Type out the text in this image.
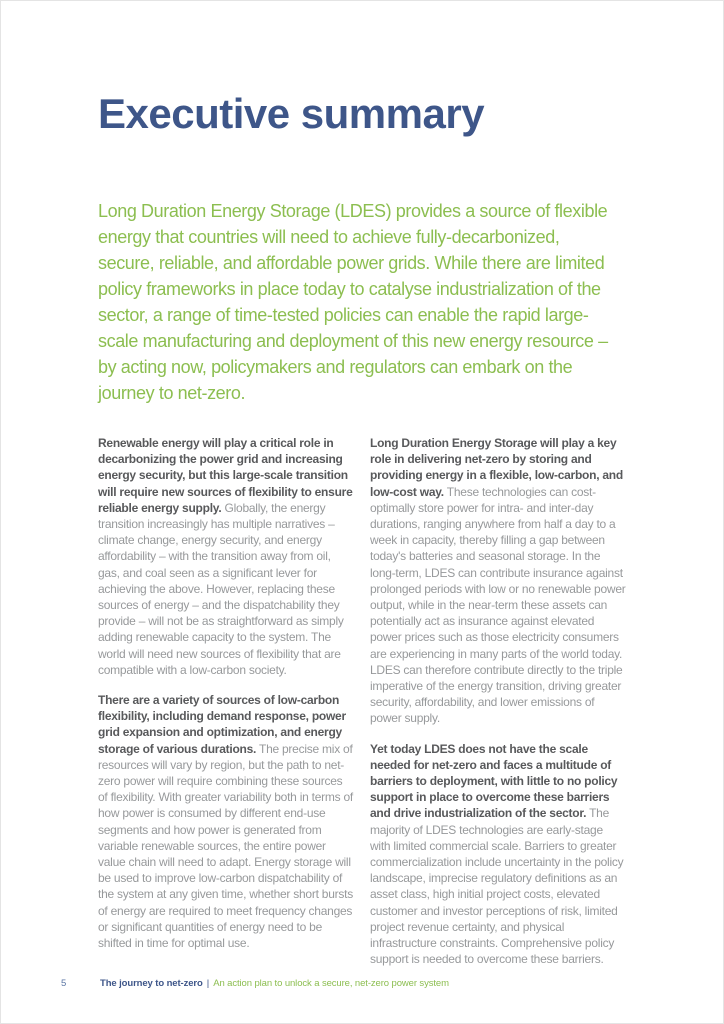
Executive summary

Long Duration Energy Storage (LDES) provides a source of flexible energy that countries will need to achieve fully-decarbonized, secure, reliable, and affordable power grids. While there are limited policy frameworks in place today to catalyse industrialization of the sector, a range of time-tested policies can enable the rapid large-scale manufacturing and deployment of this new energy resource – by acting now, policymakers and regulators can embark on the journey to net-zero.

Renewable energy will play a critical role in decarbonizing the power grid and increasing energy security, but this large-scale transition will require new sources of flexibility to ensure reliable energy supply. Globally, the energy transition increasingly has multiple narratives – climate change, energy security, and energy affordability – with the transition away from oil, gas, and coal seen as a significant lever for achieving the above. However, replacing these sources of energy – and the dispatchability they provide – will not be as straightforward as simply adding renewable capacity to the system. The world will need new sources of flexibility that are compatible with a low-carbon society.

There are a variety of sources of low-carbon flexibility, including demand response, power grid expansion and optimization, and energy storage of various durations. The precise mix of resources will vary by region, but the path to net-zero power will require combining these sources of flexibility. With greater variability both in terms of how power is consumed by different end-use segments and how power is generated from variable renewable sources, the entire power value chain will need to adapt. Energy storage will be used to improve low-carbon dispatchability of the system at any given time, whether short bursts of energy are required to meet frequency changes or significant quantities of energy need to be shifted in time for optimal use.

Long Duration Energy Storage will play a key role in delivering net-zero by storing and providing energy in a flexible, low-carbon, and low-cost way. These technologies can cost-optimally store power for intra- and inter-day durations, ranging anywhere from half a day to a week in capacity, thereby filling a gap between today's batteries and seasonal storage. In the long-term, LDES can contribute insurance against prolonged periods with low or no renewable power output, while in the near-term these assets can potentially act as insurance against elevated power prices such as those electricity consumers are experiencing in many parts of the world today. LDES can therefore contribute directly to the triple imperative of the energy transition, driving greater security, affordability, and lower emissions of power supply.

Yet today LDES does not have the scale needed for net-zero and faces a multitude of barriers to deployment, with little to no policy support in place to overcome these barriers and drive industrialization of the sector. The majority of LDES technologies are early-stage with limited commercial scale. Barriers to greater commercialization include uncertainty in the policy landscape, imprecise regulatory definitions as an asset class, high initial project costs, elevated customer and investor perceptions of risk, limited project revenue certainty, and physical infrastructure constraints. Comprehensive policy support is needed to overcome these barriers.

5	The journey to net-zero | An action plan to unlock a secure, net-zero power system
